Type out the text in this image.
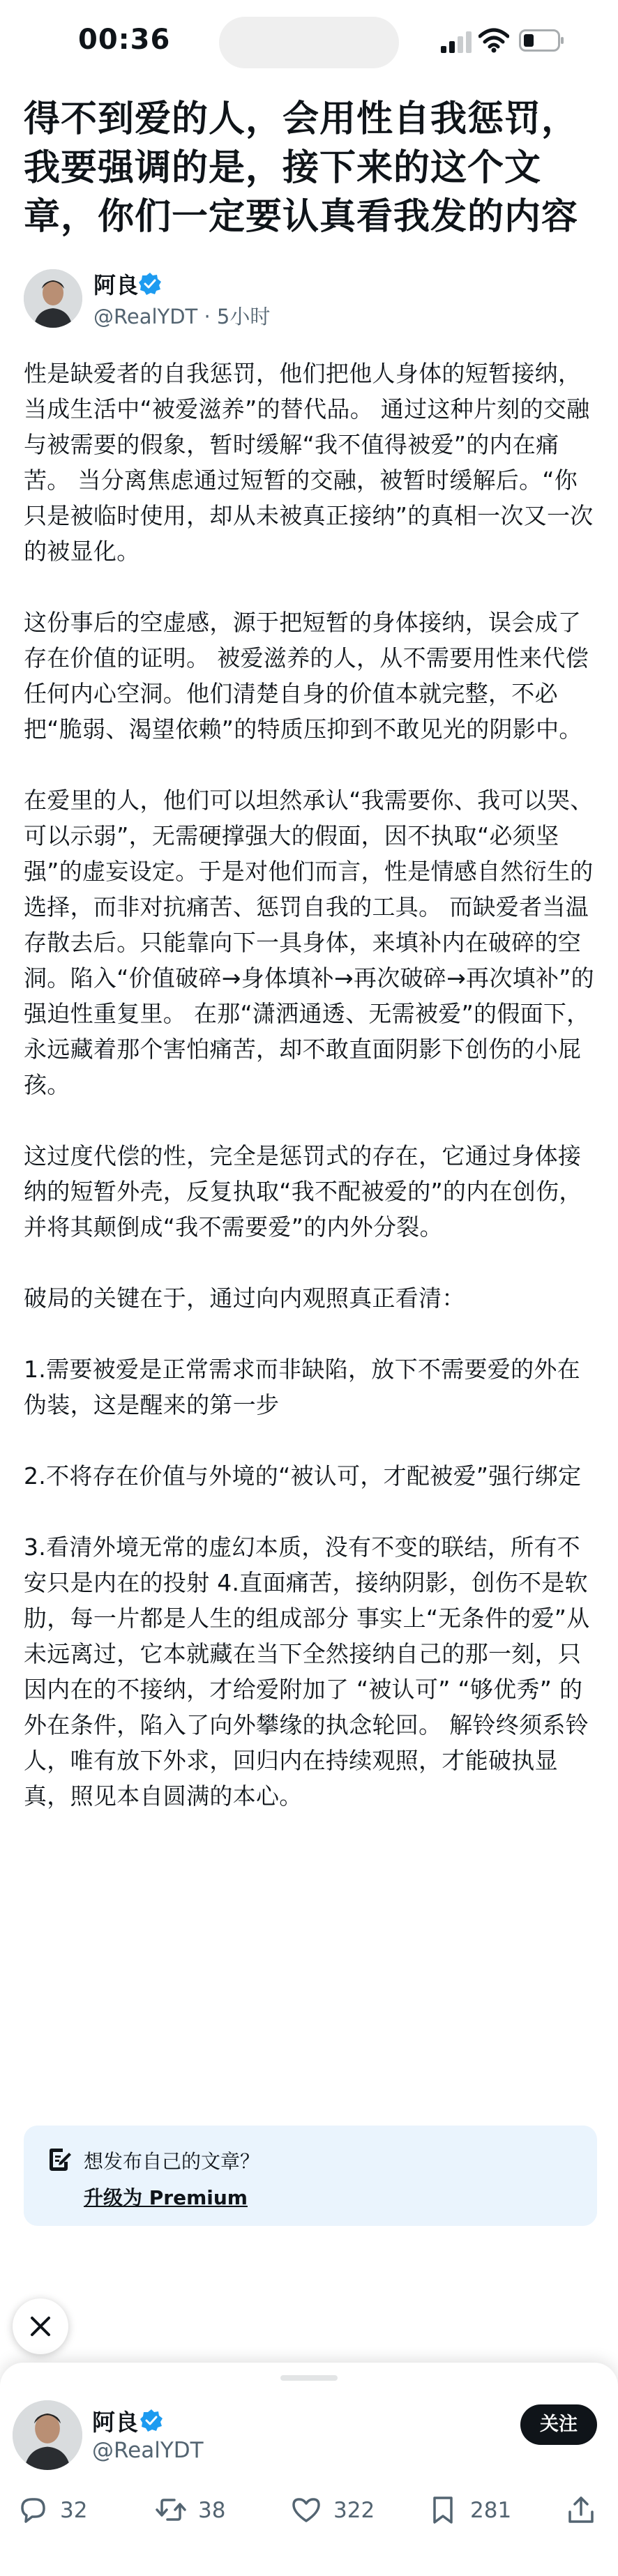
00:36
得不到爱的人，会用性自我惩罚，我要强调的是，接下来的这个文章，你们一定要认真看我发的内容
阿良
@RealYDT · 5小时

性是缺爱者的自我惩罚，他们把他人身体的短暂接纳，当成生活中“被爱滋养”的替代品。 通过这种片刻的交融与被需要的假象，暂时缓解“我不值得被爱”的内在痛苦。 当分离焦虑通过短暂的交融，被暂时缓解后。“你只是被临时使用，却从未被真正接纳”的真相一次又一次的被显化。

这份事后的空虚感，源于把短暂的身体接纳，误会成了存在价值的证明。 被爱滋养的人，从不需要用性来代偿任何内心空洞。他们清楚自身的价值本就完整，不必把“脆弱、渴望依赖”的特质压抑到不敢见光的阴影中。

在爱里的人，他们可以坦然承认“我需要你、我可以哭、可以示弱”，无需硬撑强大的假面，因不执取“必须坚强”的虚妄设定。于是对他们而言，性是情感自然衍生的选择，而非对抗痛苦、惩罚自我的工具。 而缺爱者当温存散去后。只能靠向下一具身体，来填补内在破碎的空洞。陷入“价值破碎→身体填补→再次破碎→再次填补”的强迫性重复里。 在那“潇洒通透、无需被爱”的假面下，永远藏着那个害怕痛苦，却不敢直面阴影下创伤的小屁孩。

这过度代偿的性，完全是惩罚式的存在，它通过身体接纳的短暂外壳，反复执取“我不配被爱的”的内在创伤，并将其颠倒成“我不需要爱”的内外分裂。

破局的关键在于，通过向内观照真正看清：

1.需要被爱是正常需求而非缺陷，放下不需要爱的外在伪装，这是醒来的第一步

2.不将存在价值与外境的“被认可，才配被爱”强行绑定

3.看清外境无常的虚幻本质，没有不变的联结，所有不安只是内在的投射 4.直面痛苦，接纳阴影，创伤不是软肋，每一片都是人生的组成部分 事实上“无条件的爱”从未远离过，它本就藏在当下全然接纳自己的那一刻，只因内在的不接纳，才给爱附加了 “被认可” “够优秀” 的外在条件，陷入了向外攀缘的执念轮回。 解铃终须系铃人，唯有放下外求，回归内在持续观照，才能破执显真，照见本自圆满的本心。

想发布自己的文章？
升级为 Premium
阿良
@RealYDT
关注
32	38	322	281
